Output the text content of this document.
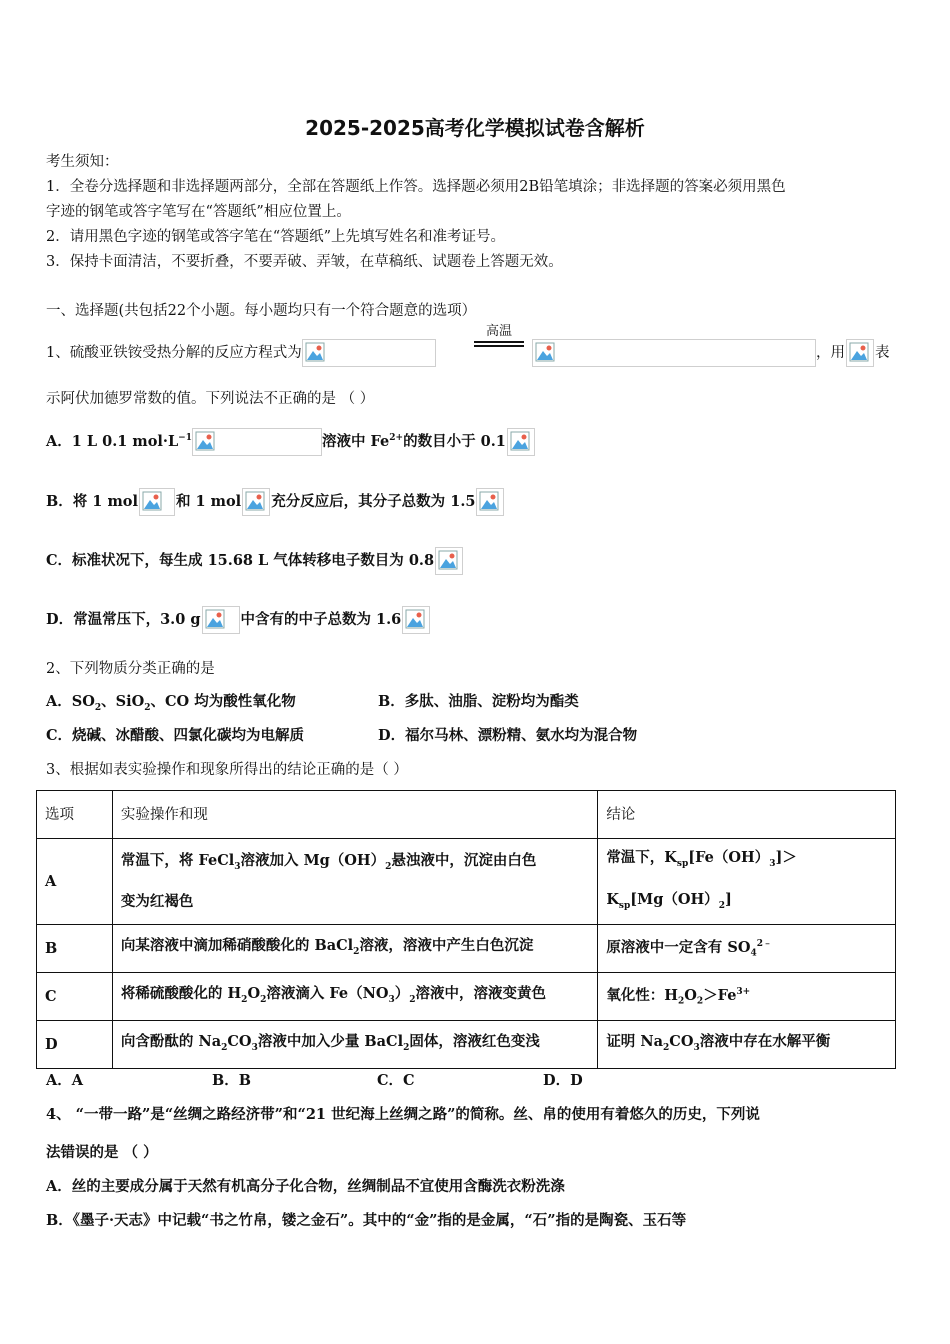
2025-2025高考化学模拟试卷含解析
考生须知：
1．全卷分选择题和非选择题两部分，全部在答题纸上作答。选择题必须用2B铅笔填涂；非选择题的答案必须用黑色
字迹的钢笔或答字笔写在“答题纸”相应位置上。
2．请用黑色字迹的钢笔或答字笔在“答题纸”上先填写姓名和准考证号。
3．保持卡面清洁，不要折叠，不要弄破、弄皱，在草稿纸、试题卷上答题无效。
一、选择题(共包括22个小题。每小题均只有一个符合题意的选项）
1、硫酸亚铁铵受热分解的反应方程式为
高温
，用 表
示阿伏加德罗常数的值。下列说法不正确的是 （ ）
A．1 L 0.1 $mol\cdot L^{-1}$	溶液中 $Fe^{2+}$的数目小于 0.1
B．将 1 mol	和 1 mol 充分反应后，其分子总数为 1.5
C．标准状况下，每生成 15.68 L 气体转移电子数目为 0.8
D．常温常压下，3.0 g	中含有的中子总数为 1.6
2、下列物质分类正确的是
A．$SO_2$、SiO$_2$、CO 均为酸性氧化物	B．多肽、油脂、淀粉均为酯类
C．烧碱、冰醋酸、四氯化碳均为电解质	D．福尔马林、漂粉精、氨水均为混合物
3、根据如表实验操作和现象所得出的结论正确的是（ ）
选项	实验操作和现	结论
A	常温下，将 FeCl$_3$溶液加入 $Mg(OH)_2$悬浊液中，沉淀由白色
变为红褐色	常温下，$K_{sp}[Fe(OH)_3]>$
$K_{sp}[Mg(OH)_2]$
B	向某溶液中滴加稀硝酸酸化的 BaCl$_2$溶液，溶液中产生白色沉淀	原溶液中一定含有 $SO_4^{2﹣}$
C	将稀硫酸酸化的 $H_2O_2$溶液滴入 $Fe(NO_3)_2$溶液中，溶液变黄色	氧化性：$H_2O_2>Fe^{3+}$
D	向含酚酞的 $Na_2CO_3$溶液中加入少量 BaCl$_2$固体，溶液红色变浅	证明 $Na_2CO_3$溶液中存在水解平衡
A．A	B．B	C．C	D．D
4、 “一带一路”是“丝绸之路经济带”和“21 世纪海上丝绸之路”的简称。丝、帛的使用有着悠久的历史，下列说
法错误的是 （ ）
A．丝的主要成分属于天然有机高分子化合物，丝绸制品不宜使用含酶洗衣粉洗涤
B．《墨子·天志》中记载“书之竹帛，镂之金石”。其中的“金”指的是金属，“石”指的是陶瓷、玉石等
